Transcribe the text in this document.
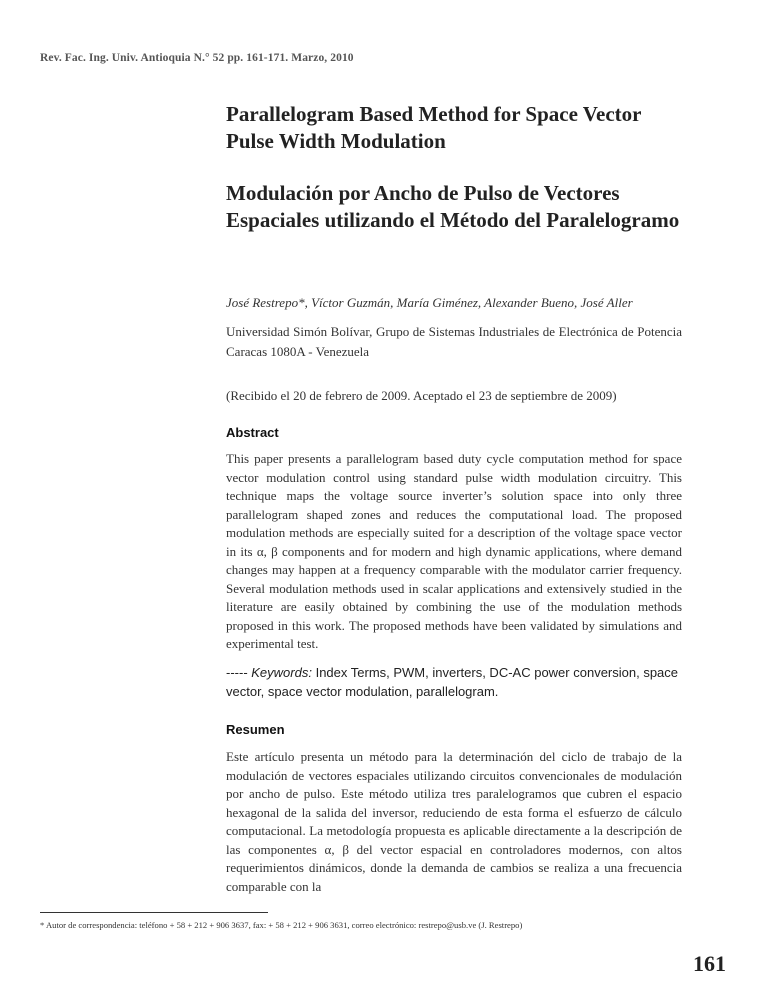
Rev. Fac. Ing. Univ. Antioquia N.° 52 pp. 161-171. Marzo, 2010
Parallelogram Based Method for Space Vector Pulse Width Modulation
Modulación por Ancho de Pulso de Vectores Espaciales utilizando el Método del Paralelogramo
José Restrepo*, Víctor Guzmán, María Giménez, Alexander Bueno, José Aller
Universidad Simón Bolívar, Grupo de Sistemas Industriales de Electrónica de Potencia Caracas 1080A - Venezuela
(Recibido el 20 de febrero de 2009. Aceptado el 23 de septiembre de 2009)
Abstract
This paper presents a parallelogram based duty cycle computation method for space vector modulation control using standard pulse width modulation circuitry. This technique maps the voltage source inverter’s solution space into only three parallelogram shaped zones and reduces the computational load. The proposed modulation methods are especially suited for a description of the voltage space vector in its α, β components and for modern and high dynamic applications, where demand changes may happen at a frequency comparable with the modulator carrier frequency. Several modulation methods used in scalar applications and extensively studied in the literature are easily obtained by combining the use of the modulation methods proposed in this work. The proposed methods have been validated by simulations and experimental test.
----- Keywords: Index Terms, PWM, inverters, DC-AC power conversion, space vector, space vector modulation, parallelogram.
Resumen
Este artículo presenta un método para la determinación del ciclo de trabajo de la modulación de vectores espaciales utilizando circuitos convencionales de modulación por ancho de pulso. Este método utiliza tres paralelogramos que cubren el espacio hexagonal de la salida del inversor, reduciendo de esta forma el esfuerzo de cálculo computacional. La metodología propuesta es aplicable directamente a la descripción de las componentes α, β del vector espacial en controladores modernos, con altos requerimientos dinámicos, donde la demanda de cambios se realiza a una frecuencia comparable con la
* Autor de correspondencia: teléfono + 58 + 212 + 906 3637, fax: + 58 + 212 + 906 3631, correo electrónico: restrepo@usb.ve (J. Restrepo)
161
